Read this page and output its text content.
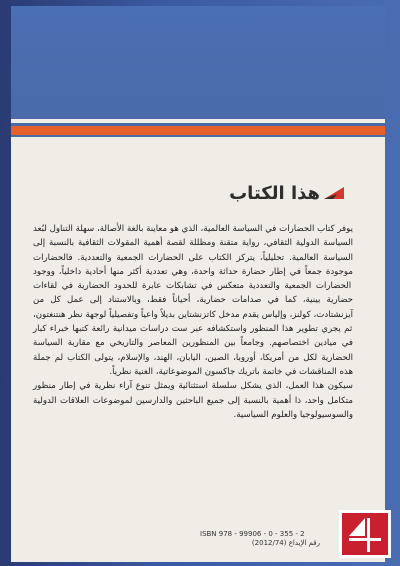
هذا الكتاب

يوفر كتاب الحضارات في السياسة العالمية، الذي هو معاينة بالغة الأصالة، سهلة التناول لبُعد السياسة الدولية الثقافي، رواية متقنة ومظللة لقصة أهمية المقولات الثقافية بالنسبة إلى السياسة العالمية. تحليلياً، يتركز الكتاب على الحضارات الجمعية والتعددية. فالحضارات موجودة جمعاً في إطار حضارة حداثة واحدة، وهي تعددية أكثر منها أحادية داخلياً، ووجود الحضارات الجمعية والتعددية متعكس في تشابكات عابرة للحدود الحضارية في لقاءات حضارية بينية، كما في صدامات حضارية، أحياناً فقط، وبالاستناد إلى عمل كل من آيزنشتادت، كولنز، وإلياس يقدم مدخل كاتزنشتاين بديلاً واعياً وتفصيلياً لوجهة نظر هنتنغتون، ثم يجري تطوير هذا المنظور واستكشافه عبر ست دراسات ميدانية رائعة كتبها خبراء كبار في ميادين اختصاصهم. وجامعاً بين المنظورين المعاصر والتاريخي مع مقاربة السياسة الحضارية لكل من أمريكا، أوروبا، الصين، اليابان، الهند، والإسلام، يتولى الكتاب لم جملة هذه المناقشات في خاتمة باتريك جاكسون الموضوعاتية، الغنية نظرياً.

سيكون هذا العمل، الذي يشكل سلسلة استثنائية ويمثل تنوع آراء نظرية في إطار منظور متكامل واحد، ذا أهمية بالنسبة إلى جميع الباحثين والدارسين لموضوعات العلاقات الدولية والسوسيولوجيا والعلوم السياسية.

ISBN 978 - 99906 - 0 - 355 - 2
رقم الإيداع (2012/74)
